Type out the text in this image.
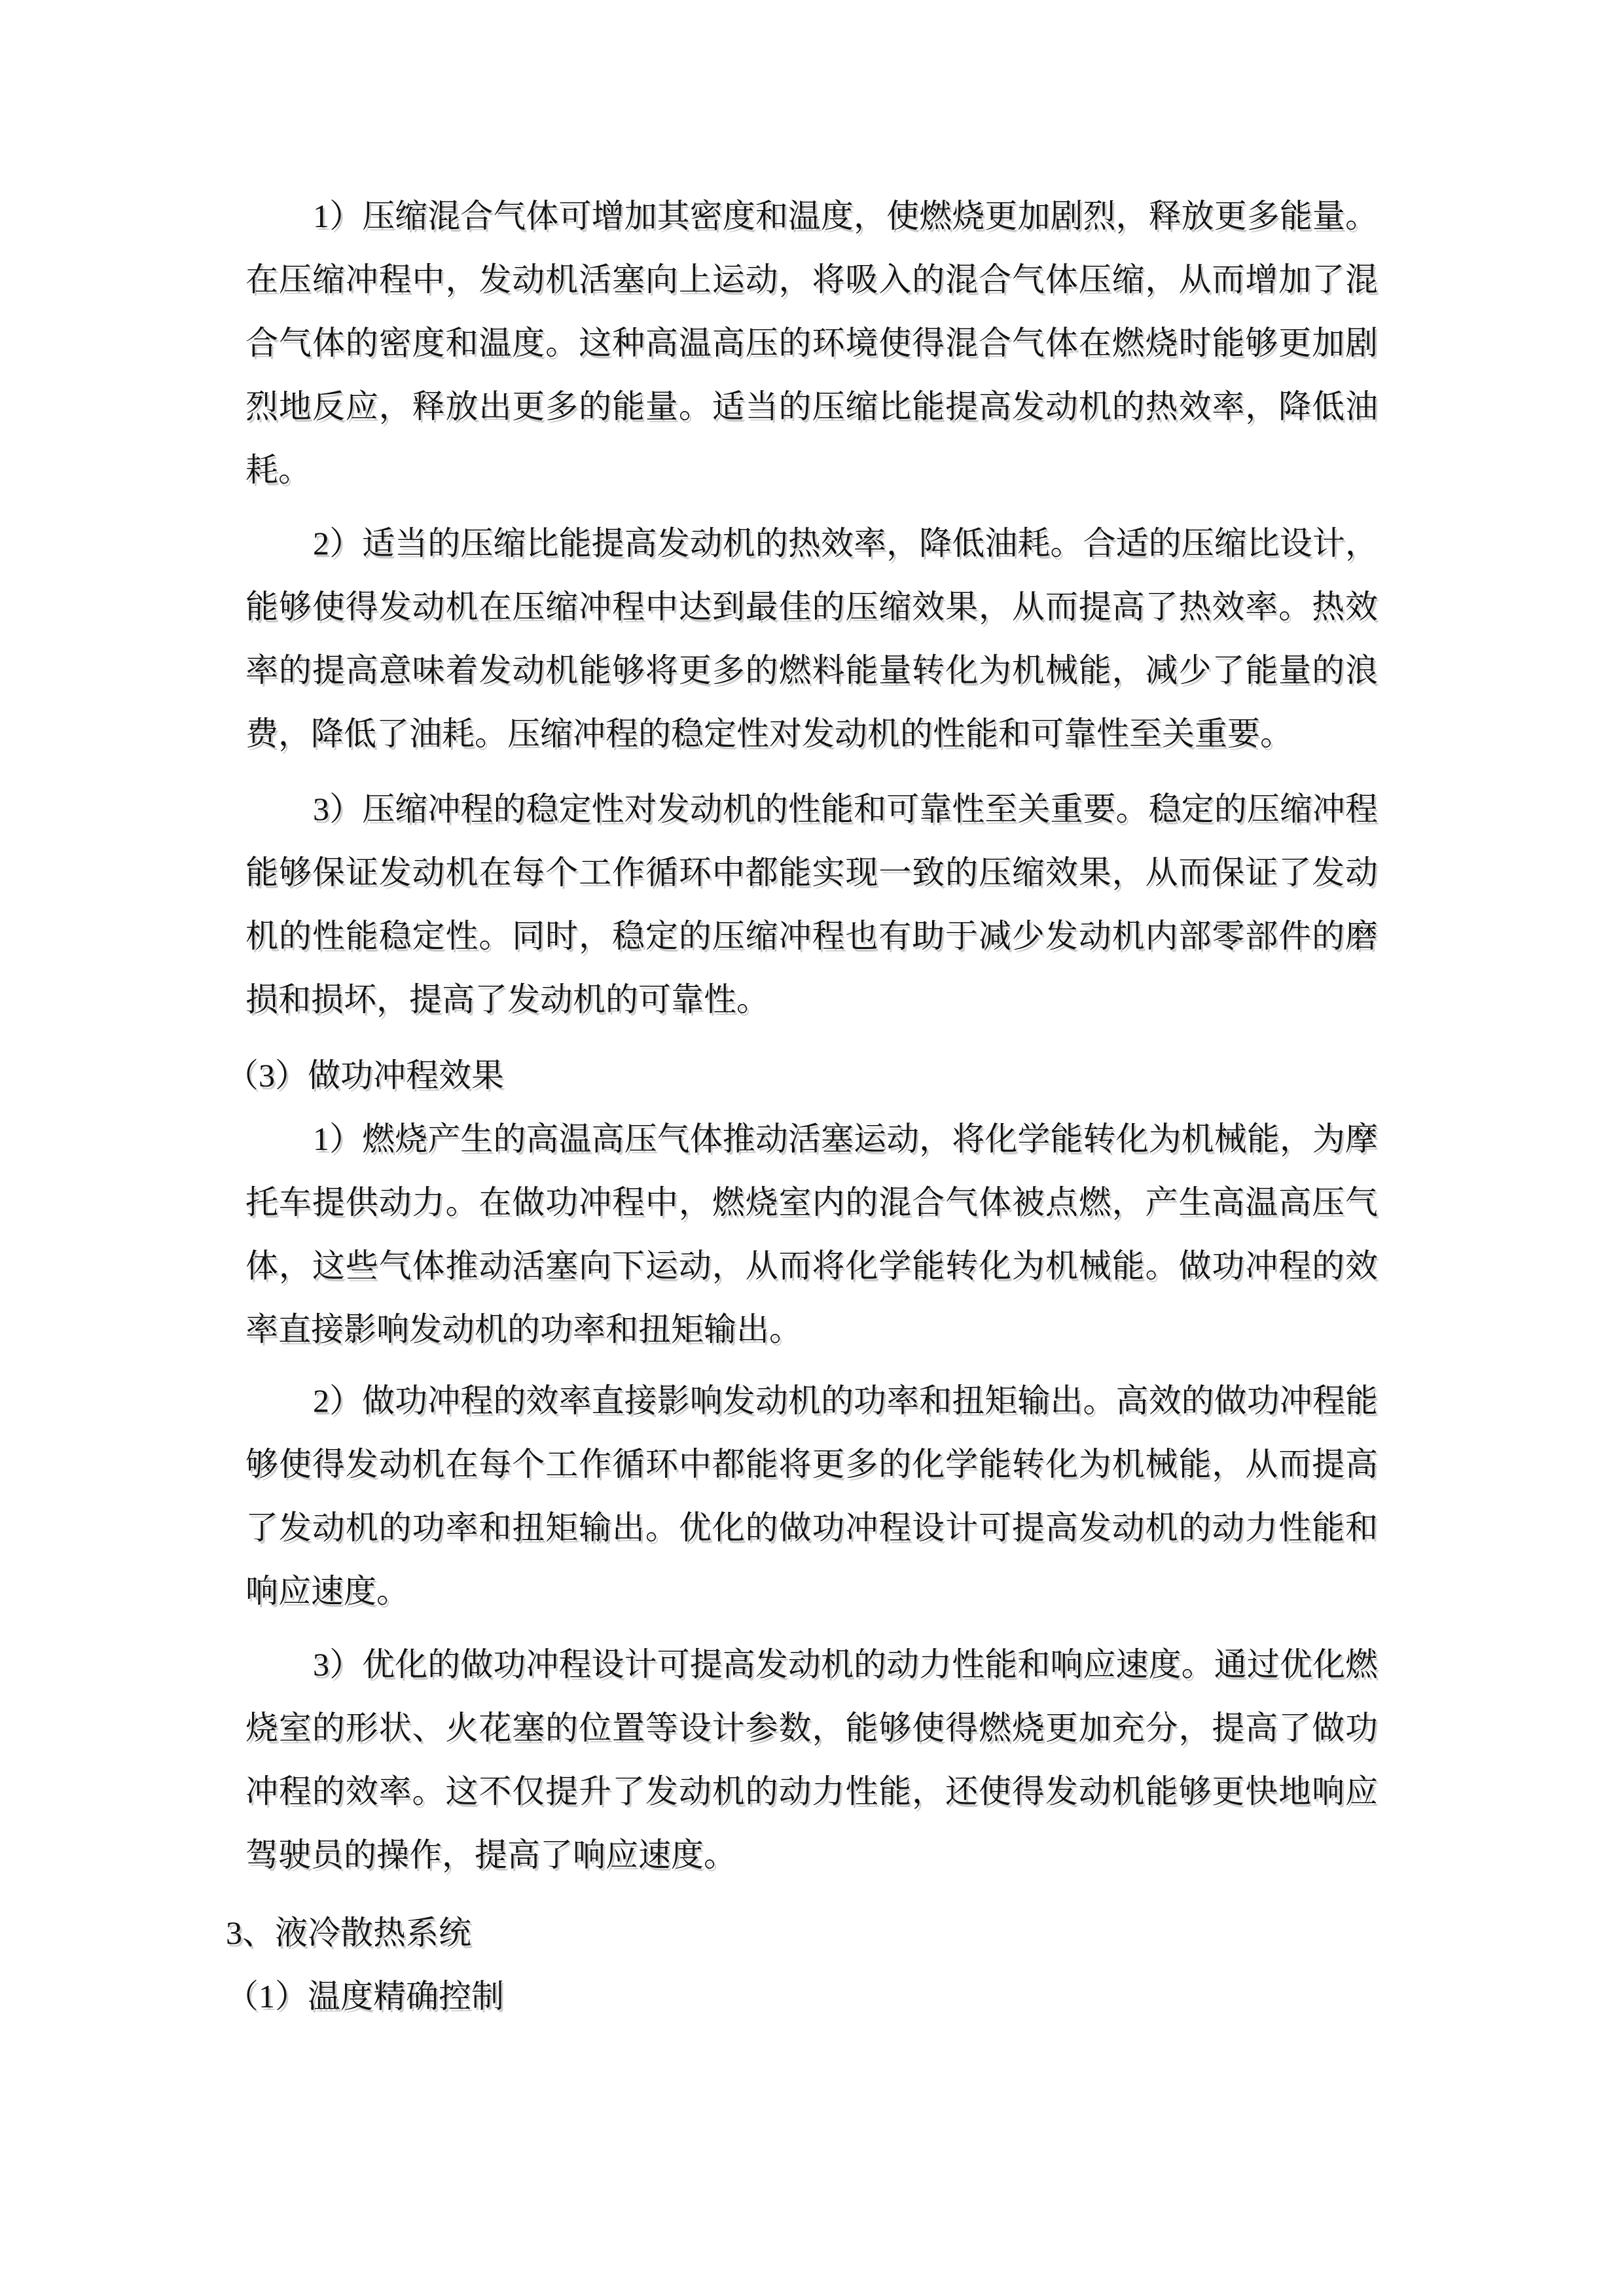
1）压缩混合气体可增加其密度和温度，使燃烧更加剧烈，释放更多能量。
在压缩冲程中，发动机活塞向上运动，将吸入的混合气体压缩，从而增加了混
合气体的密度和温度。这种高温高压的环境使得混合气体在燃烧时能够更加剧
烈地反应，释放出更多的能量。适当的压缩比能提高发动机的热效率，降低油
耗。
2）适当的压缩比能提高发动机的热效率，降低油耗。合适的压缩比设计，
能够使得发动机在压缩冲程中达到最佳的压缩效果，从而提高了热效率。热效
率的提高意味着发动机能够将更多的燃料能量转化为机械能，减少了能量的浪
费，降低了油耗。压缩冲程的稳定性对发动机的性能和可靠性至关重要。
3）压缩冲程的稳定性对发动机的性能和可靠性至关重要。稳定的压缩冲程
能够保证发动机在每个工作循环中都能实现一致的压缩效果，从而保证了发动
机的性能稳定性。同时，稳定的压缩冲程也有助于减少发动机内部零部件的磨
损和损坏，提高了发动机的可靠性。
（3）做功冲程效果
1）燃烧产生的高温高压气体推动活塞运动，将化学能转化为机械能，为摩
托车提供动力。在做功冲程中，燃烧室内的混合气体被点燃，产生高温高压气
体，这些气体推动活塞向下运动，从而将化学能转化为机械能。做功冲程的效
率直接影响发动机的功率和扭矩输出。
2）做功冲程的效率直接影响发动机的功率和扭矩输出。高效的做功冲程能
够使得发动机在每个工作循环中都能将更多的化学能转化为机械能，从而提高
了发动机的功率和扭矩输出。优化的做功冲程设计可提高发动机的动力性能和
响应速度。
3）优化的做功冲程设计可提高发动机的动力性能和响应速度。通过优化燃
烧室的形状、火花塞的位置等设计参数，能够使得燃烧更加充分，提高了做功
冲程的效率。这不仅提升了发动机的动力性能，还使得发动机能够更快地响应
驾驶员的操作，提高了响应速度。
3、液冷散热系统
（1）温度精确控制
